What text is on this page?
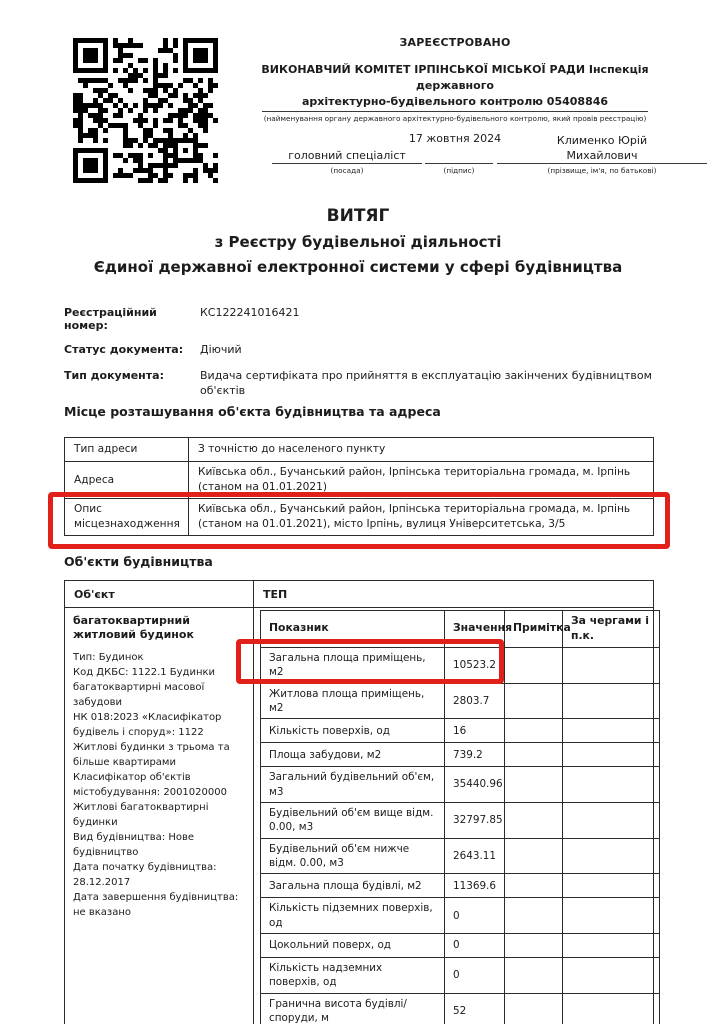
ЗАРЕЄСТРОВАНО
ВИКОНАВЧИЙ КОМІТЕТ ІРПІНСЬКОЇ МІСЬКОЇ РАДИ Інспекція державного
архітектурно-будівельного контролю 05408846
(найменування органу державного архітектурно-будівельного контролю, який провів реєстрацію)
17 жовтня 2024
головний спеціаліст
(посада)	(підпис)
Клименко Юрій Михайлович
(прізвище, ім'я, по батькові)
ВИТЯГ
з Реєстру будівельної діяльності
Єдиної державної електронної системи у сфері будівництва
Реєстраційний номер:
КС122241016421
Статус документа:	Діючий
Тип документа:	Видача сертифіката про прийняття в експлуатацію закінчених будівництвом об'єктів
Місце розташування об'єкта будівництва та адреса
Тип адреси	З точністю до населеного пункту
Адреса	Київська обл., Бучанський район, Ірпінська територіальна громада, м. Ірпінь (станом на 01.01.2021)
Опис місцезнаходження	Київська обл., Бучанський район, Ірпінська територіальна громада, м. Ірпінь (станом на 01.01.2021), місто Ірпінь, вулиця Університетська, 3/5
Об'єкти будівництва
Об'єкт	ТЕП

багатоквартирний житловий будинок
Тип: Будинок
Код ДКБС: 1122.1 Будинки багатоквартирні масової забудови
НК 018:2023 «Класифікатор будівель і споруд»: 1122 Житлові будинки з трьома та більше квартирами
Класифікатор об'єктів містобудування: 2001020000 Житлові багатоквартирні будинки
Вид будівництва: Нове будівництво
Дата початку будівництва: 28.12.2017
Дата завершення будівництва: не вказано

Показник	Значення	Примітка	За чергами і п.к.
Загальна площа приміщень, м2	10523.2		
Житлова площа приміщень, м2	2803.7		
Кількість поверхів, од	16		
Площа забудови, м2	739.2		
Загальний будівельний об'єм, м3	35440.96		
Будівельний об'єм вище відм. 0.00, м3	32797.85		
Будівельний об'єм нижче відм. 0.00, м3	2643.11		
Загальна площа будівлі, м2	11369.6		
Кількість підземних поверхів, од	0		
Цокольний поверх, од	0		
Кількість надземних поверхів, од	0		
Гранична висота будівлі/споруди, м	52		
